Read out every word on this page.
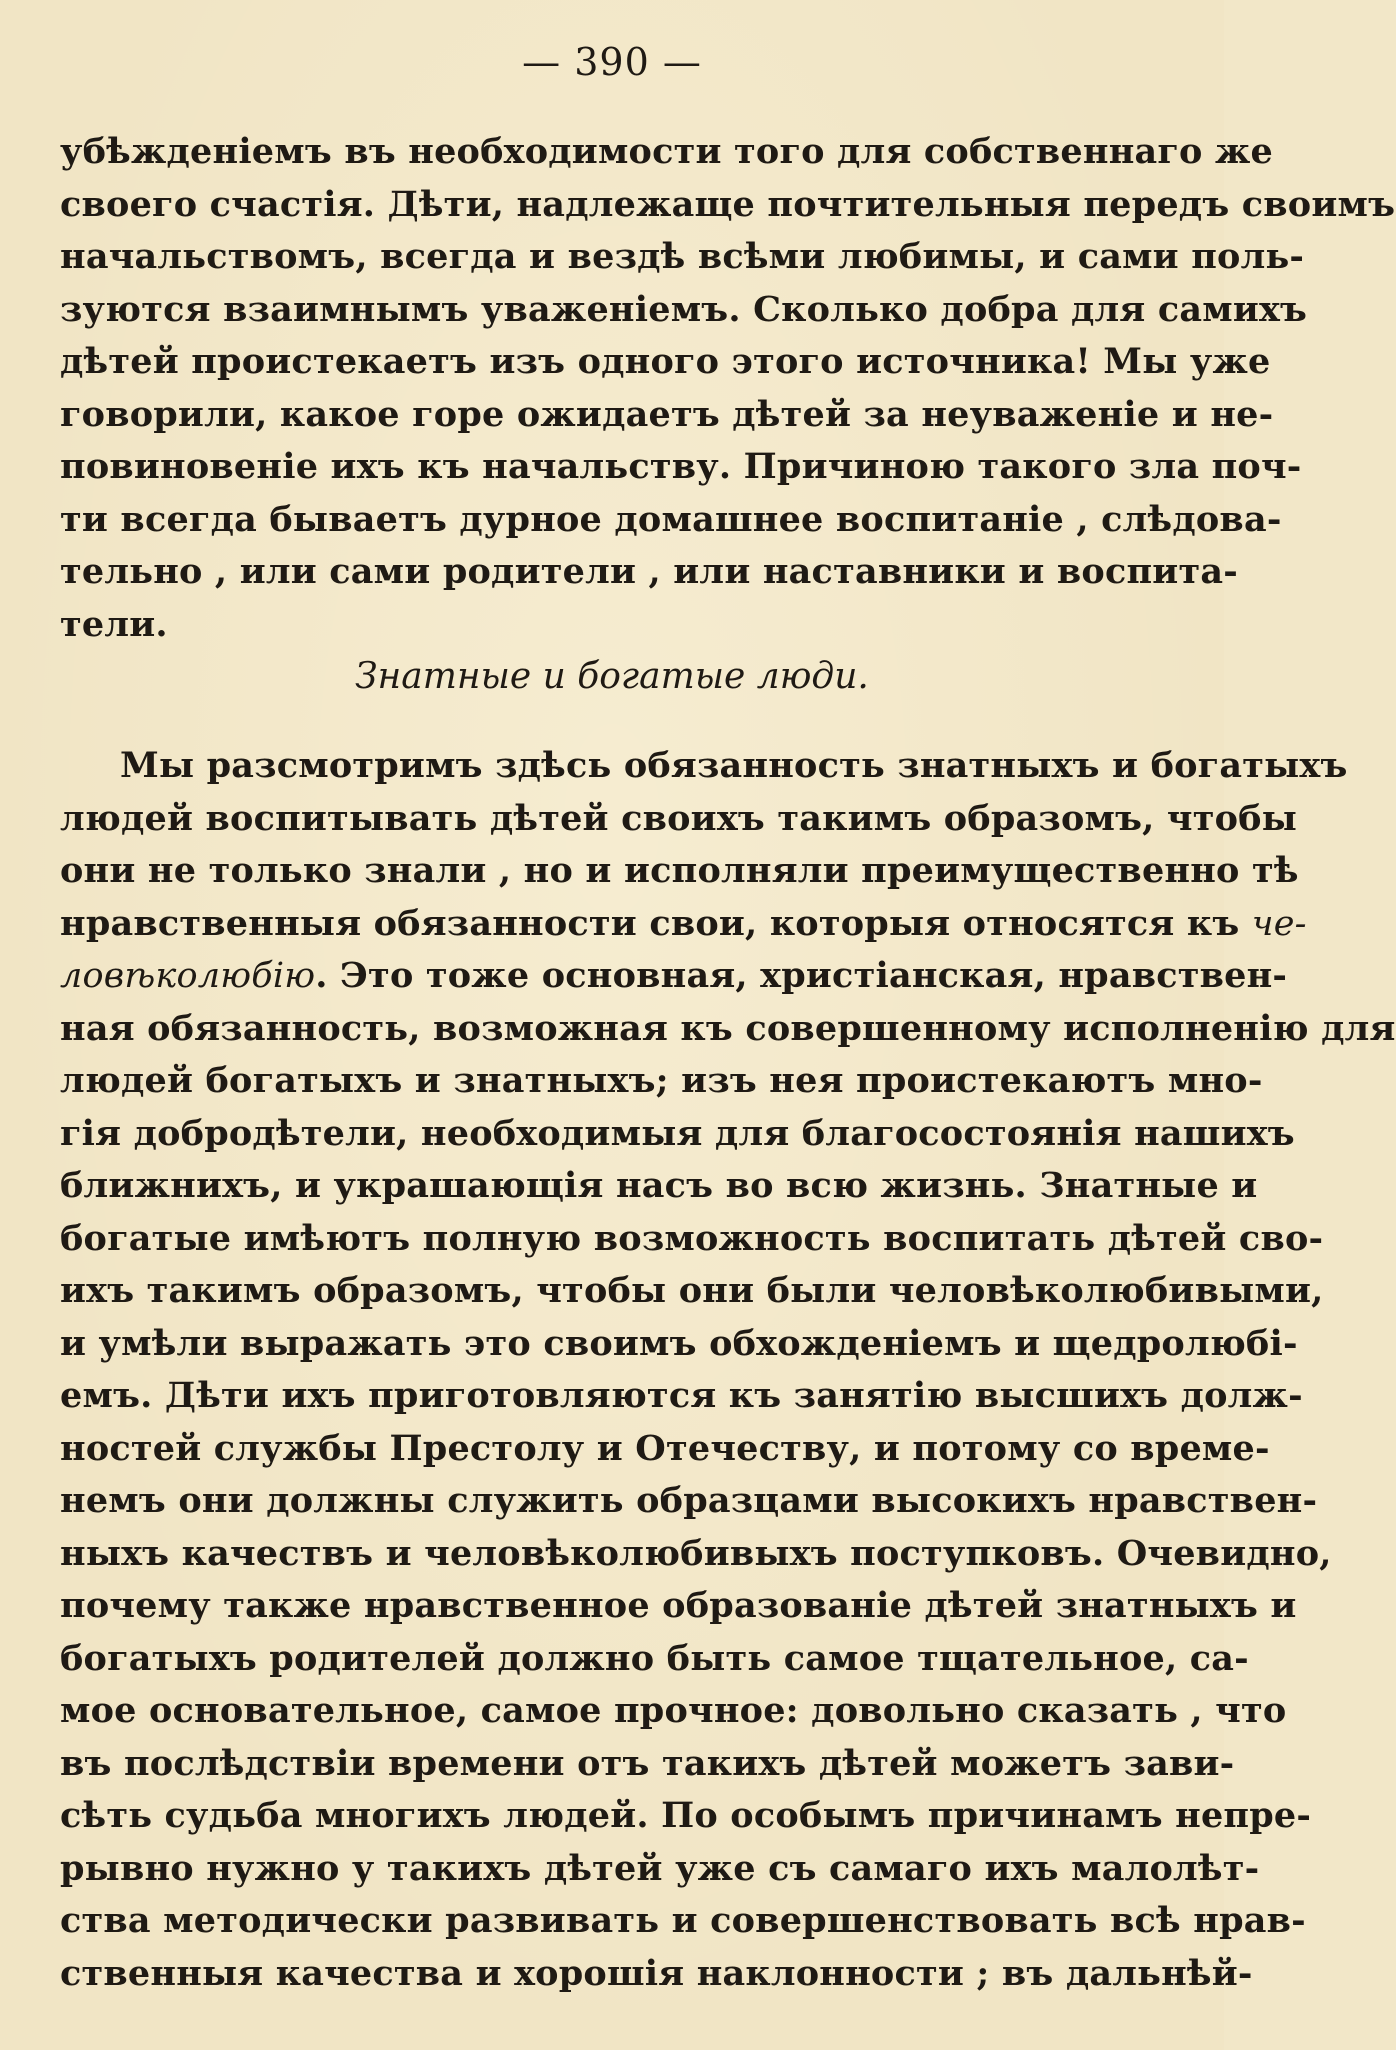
— 390 —
убѣжденіемъ въ необходимости того для собственнаго же
своего счастія. Дѣти, надлежаще почтительныя передъ своимъ
начальствомъ, всегда и вездѣ всѣми любимы, и сами поль-
зуются взаимнымъ уваженіемъ. Сколько добра для самихъ
дѣтей проистекаетъ изъ одного этого источника! Мы уже
говорили, какое горе ожидаетъ дѣтей за неуваженіе и не-
повиновеніе ихъ къ начальству. Причиною такого зла поч-
ти всегда бываетъ дурное домашнее воспитаніе , слѣдова-
тельно , или сами родители , или наставники и воспита-
тели.
Знатные и богатые люди.
Мы разсмотримъ здѣсь обязанность знатныхъ и богатыхъ
людей воспитывать дѣтей своихъ такимъ образомъ, чтобы
они не только знали , но и исполняли преимущественно тѣ
нравственныя обязанности свои, которыя относятся къ че-
ловѣколюбію. Это тоже основная, христіанская, нравствен-
ная обязанность, возможная къ совершенному исполненію для
людей богатыхъ и знатныхъ; изъ нея проистекаютъ мно-
гія добродѣтели, необходимыя для благосостоянія нашихъ
ближнихъ, и украшающія насъ во всю жизнь. Знатные и
богатые имѣютъ полную возможность воспитать дѣтей сво-
ихъ такимъ образомъ, чтобы они были человѣколюбивыми,
и умѣли выражать это своимъ обхожденіемъ и щедролюбі-
емъ. Дѣти ихъ приготовляются къ занятію высшихъ долж-
ностей службы Престолу и Отечеству, и потому со време-
немъ они должны служить образцами высокихъ нравствен-
ныхъ качествъ и человѣколюбивыхъ поступковъ. Очевидно,
почему также нравственное образованіе дѣтей знатныхъ и
богатыхъ родителей должно быть самое тщательное, са-
мое основательное, самое прочное: довольно сказать , что
въ послѣдствіи времени отъ такихъ дѣтей можетъ зави-
сѣть судьба многихъ людей. По особымъ причинамъ непре-
рывно нужно у такихъ дѣтей уже съ самаго ихъ малолѣт-
ства методически развивать и совершенствовать всѣ нрав-
ственныя качества и хорошія наклонности ; въ дальнѣй-
